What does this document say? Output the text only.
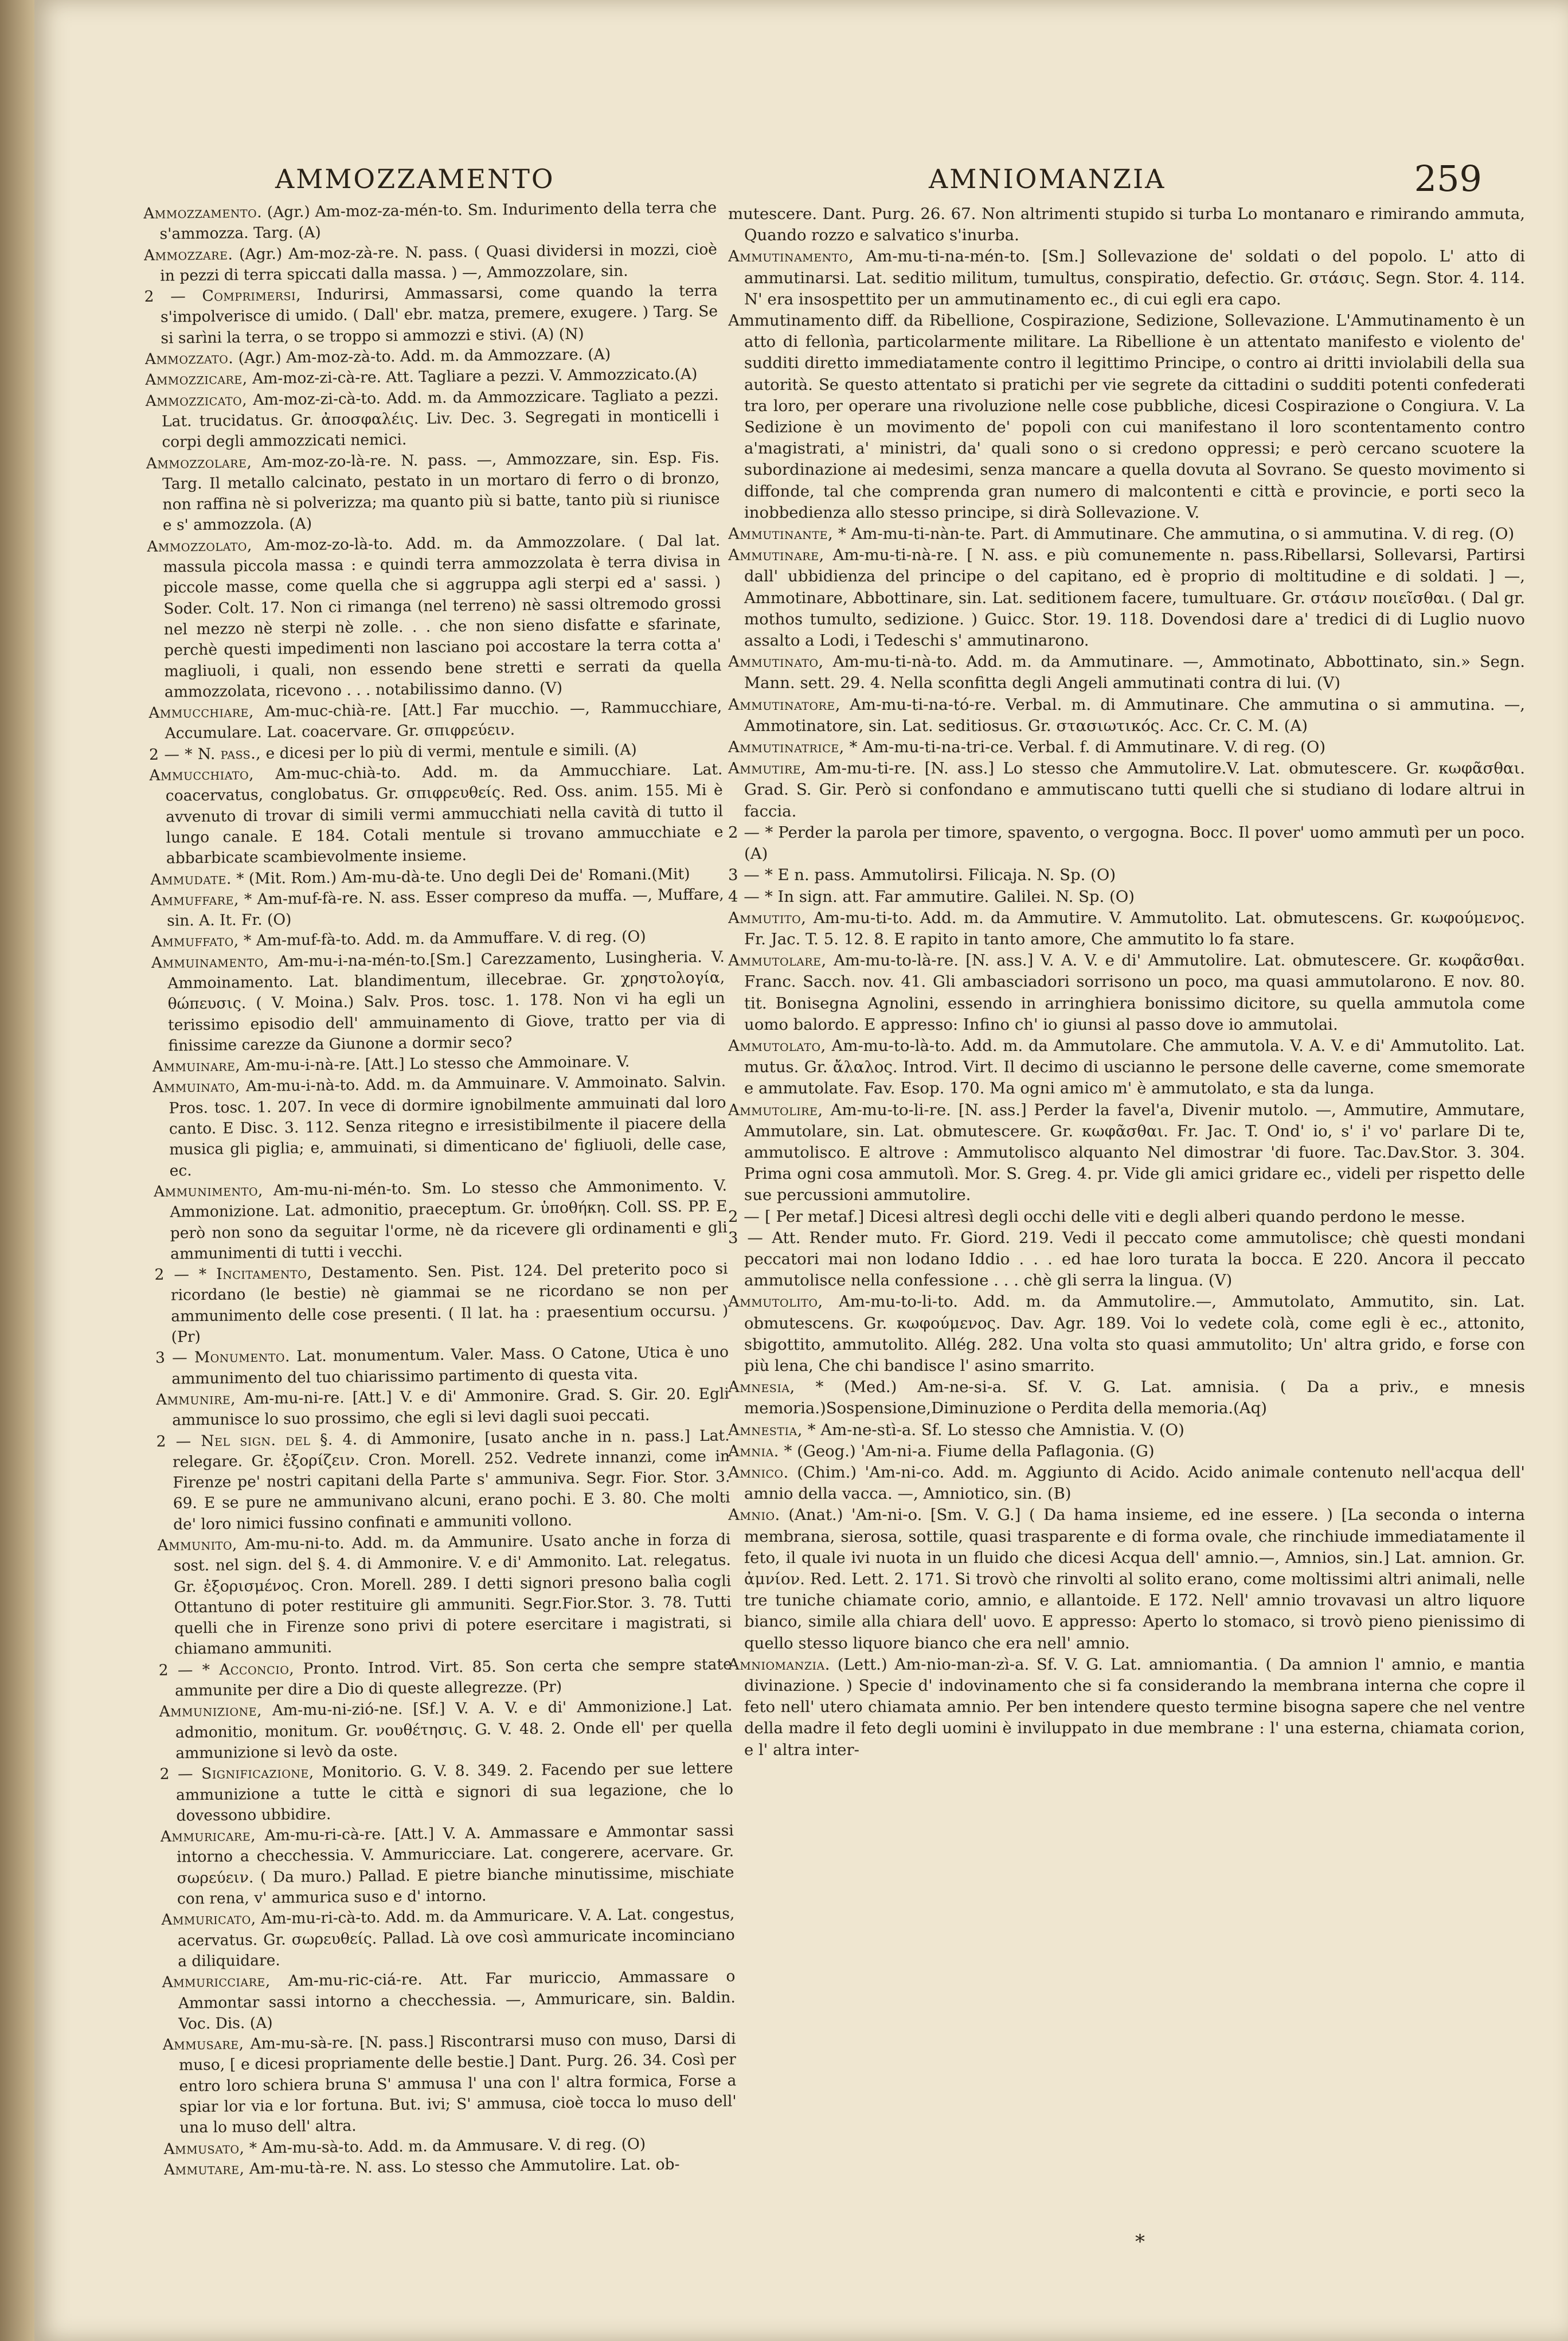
AMMOZZAMENTO	AMNIOMANZIA	259

Ammozzamento. (Agr.) Am-moz-za-mén-to. Sm. Indurimento della terra che s'ammozza. Targ. (A)

Ammozzare. (Agr.) Am-moz-zà-re. N. pass. ( Quasi dividersi in mozzi, cioè in pezzi di terra spiccati dalla massa. ) —, Ammozzolare, sin.

2 — Comprimersi, Indurirsi, Ammassarsi, come quando la terra s'impolverisce di umido. ( Dall' ebr. matza, premere, exugere. ) Targ. Se si sarìni la terra, o se troppo si ammozzi e stivi. (A) (N)

Ammozzato. (Agr.) Am-moz-zà-to. Add. m. da Ammozzare. (A)

Ammozzicare, Am-moz-zi-cà-re. Att. Tagliare a pezzi. V. Ammozzicato.(A)

Ammozzicato, Am-moz-zi-cà-to. Add. m. da Ammozzicare. Tagliato a pezzi. Lat. trucidatus. Gr. ἀποσφαλέις. Liv. Dec. 3. Segregati in monticelli i corpi degli ammozzicati nemici.

Ammozzolare, Am-moz-zo-là-re. N. pass. —, Ammozzare, sin. Esp. Fis. Targ. Il metallo calcinato, pestato in un mortaro di ferro o di bronzo, non raffina nè si polverizza; ma quanto più si batte, tanto più si riunisce e s' ammozzola. (A)

Ammozzolato, Am-moz-zo-là-to. Add. m. da Ammozzolare. ( Dal lat. massula piccola massa : e quindi terra ammozzolata è terra divisa in piccole masse, come quella che si aggruppa agli sterpi ed a' sassi. ) Soder. Colt. 17. Non ci rimanga (nel terreno) nè sassi oltremodo grossi nel mezzo nè sterpi nè zolle. . . che non sieno disfatte e sfarinate, perchè questi impedimenti non lasciano poi accostare la terra cotta a' magliuoli, i quali, non essendo bene stretti e serrati da quella ammozzolata, ricevono . . . notabilissimo danno. (V)

Ammucchiare, Am-muc-chià-re. [Att.] Far mucchio. —, Rammucchiare, Accumulare. Lat. coacervare. Gr. σπιφρεύειν.

2 — * N. pass., e dicesi per lo più di vermi, mentule e simili. (A)

Ammucchiato, Am-muc-chià-to. Add. m. da Ammucchiare. Lat. coacervatus, conglobatus. Gr. σπιφρευθείς. Red. Oss. anim. 155. Mi è avvenuto di trovar di simili vermi ammucchiati nella cavità di tutto il lungo canale. E 184. Cotali mentule si trovano ammucchiate e abbarbicate scambievolmente insieme.

Ammudate. * (Mit. Rom.) Am-mu-dà-te. Uno degli Dei de' Romani.(Mit)

Ammuffare, * Am-muf-fà-re. N. ass. Esser compreso da muffa. —, Muffare, sin. A. It. Fr. (O)

Ammuffato, * Am-muf-fà-to. Add. m. da Ammuffare. V. di reg. (O)

Ammuinamento, Am-mu-i-na-mén-to.[Sm.] Carezzamento, Lusingheria. V. Ammoinamento. Lat. blandimentum, illecebrae. Gr. χρηστολογία, θώπευσις. ( V. Moina.) Salv. Pros. tosc. 1. 178. Non vi ha egli un terissimo episodio dell' ammuinamento di Giove, tratto per via di finissime carezze da Giunone a dormir seco?

Ammuinare, Am-mu-i-nà-re. [Att.] Lo stesso che Ammoinare. V.

Ammuinato, Am-mu-i-nà-to. Add. m. da Ammuinare. V. Ammoinato. Salvin. Pros. tosc. 1. 207. In vece di dormire ignobilmente ammuinati dal loro canto. E Disc. 3. 112. Senza ritegno e irresistibilmente il piacere della musica gli piglia; e, ammuinati, si dimenticano de' figliuoli, delle case, ec.

Ammunimento, Am-mu-ni-mén-to. Sm. Lo stesso che Ammonimento. V. Ammonizione. Lat. admonitio, praeceptum. Gr. ὑποθήκη. Coll. SS. PP. E però non sono da seguitar l'orme, nè da ricevere gli ordinamenti e gli ammunimenti di tutti i vecchi.

2 — * Incitamento, Destamento. Sen. Pist. 124. Del preterito poco si ricordano (le bestie) nè giammai se ne ricordano se non per ammunimento delle cose presenti. ( Il lat. ha : praesentium occursu. ) (Pr)

3 — Monumento. Lat. monumentum. Valer. Mass. O Catone, Utica è uno ammunimento del tuo chiarissimo partimento di questa vita.

Ammunire, Am-mu-ni-re. [Att.] V. e di' Ammonire. Grad. S. Gir. 20. Egli ammunisce lo suo prossimo, che egli si levi dagli suoi peccati.

2 — Nel sign. del §. 4. di Ammonire, [usato anche in n. pass.] Lat. relegare. Gr. ἐξορίζειν. Cron. Morell. 252. Vedrete innanzi, come in Firenze pe' nostri capitani della Parte s' ammuniva. Segr. Fior. Stor. 3. 69. E se pure ne ammunivano alcuni, erano pochi. E 3. 80. Che molti de' loro nimici fussino confinati e ammuniti vollono.

Ammunito, Am-mu-ni-to. Add. m. da Ammunire. Usato anche in forza di sost. nel sign. del §. 4. di Ammonire. V. e di' Ammonito. Lat. relegatus. Gr. ἐξορισμένος. Cron. Morell. 289. I detti signori presono balìa cogli Ottantuno di poter restituire gli ammuniti. Segr.Fior.Stor. 3. 78. Tutti quelli che in Firenze sono privi di potere esercitare i magistrati, si chiamano ammuniti.

2 — * Acconcio, Pronto. Introd. Virt. 85. Son certa che sempre state ammunite per dire a Dio di queste allegrezze. (Pr)

Ammunizione, Am-mu-ni-zió-ne. [Sf.] V. A. V. e di' Ammonizione.] Lat. admonitio, monitum. Gr. νουθέτησις. G. V. 48. 2. Onde ell' per quella ammunizione si levò da oste.

2 — Significazione, Monitorio. G. V. 8. 349. 2. Facendo per sue lettere ammunizione a tutte le città e signori di sua legazione, che lo dovessono ubbidire.

Ammuricare, Am-mu-ri-cà-re. [Att.] V. A. Ammassare e Ammontar sassi intorno a checchessia. V. Ammuricciare. Lat. congerere, acervare. Gr. σωρεύειν. ( Da muro.) Pallad. E pietre bianche minutissime, mischiate con rena, v' ammurica suso e d' intorno.

Ammuricato, Am-mu-ri-cà-to. Add. m. da Ammuricare. V. A. Lat. congestus, acervatus. Gr. σωρευθείς. Pallad. Là ove così ammuricate incominciano a diliquidare.

Ammuricciare, Am-mu-ric-ciá-re. Att. Far muriccio, Ammassare o Ammontar sassi intorno a checchessia. —, Ammuricare, sin. Baldin. Voc. Dis. (A)

Ammusare, Am-mu-sà-re. [N. pass.] Riscontrarsi muso con muso, Darsi di muso, [ e dicesi propriamente delle bestie.] Dant. Purg. 26. 34. Così per entro loro schiera bruna S' ammusa l' una con l' altra formica, Forse a spiar lor via e lor fortuna. But. ivi; S' ammusa, cioè tocca lo muso dell' una lo muso dell' altra.

Ammusato, * Am-mu-sà-to. Add. m. da Ammusare. V. di reg. (O)

Ammutare, Am-mu-tà-re. N. ass. Lo stesso che Ammutolire. Lat. ob-

mutescere. Dant. Purg. 26. 67. Non altrimenti stupido si turba Lo montanaro e rimirando ammuta, Quando rozzo e salvatico s'inurba.

Ammutinamento, Am-mu-ti-na-mén-to. [Sm.] Sollevazione de' soldati o del popolo. L' atto di ammutinarsi. Lat. seditio militum, tumultus, conspiratio, defectio. Gr. στάσις. Segn. Stor. 4. 114. N' era insospettito per un ammutinamento ec., di cui egli era capo.

Ammutinamento diff. da Ribellione, Cospirazione, Sedizione, Sollevazione. L'Ammutinamento è un atto di fellonìa, particolarmente militare. La Ribellione è un attentato manifesto e violento de' sudditi diretto immediatamente contro il legittimo Principe, o contro ai dritti inviolabili della sua autorità. Se questo attentato si pratichi per vie segrete da cittadini o sudditi potenti confederati tra loro, per operare una rivoluzione nelle cose pubbliche, dicesi Cospirazione o Congiura. V. La Sedizione è un movimento de' popoli con cui manifestano il loro scontentamento contro a'magistrati, a' ministri, da' quali sono o si credono oppressi; e però cercano scuotere la subordinazione ai medesimi, senza mancare a quella dovuta al Sovrano. Se questo movimento si diffonde, tal che comprenda gran numero di malcontenti e città e provincie, e porti seco la inobbedienza allo stesso principe, si dirà Sollevazione. V.

Ammutinante, * Am-mu-ti-nàn-te. Part. di Ammutinare. Che ammutina, o si ammutina. V. di reg. (O)

Ammutinare, Am-mu-ti-nà-re. [ N. ass. e più comunemente n. pass.Ribellarsi, Sollevarsi, Partirsi dall' ubbidienza del principe o del capitano, ed è proprio di moltitudine e di soldati. ] —, Ammotinare, Abbottinare, sin. Lat. seditionem facere, tumultuare. Gr. στάσιν ποιεῖσθαι. ( Dal gr. mothos tumulto, sedizione. ) Guicc. Stor. 19. 118. Dovendosi dare a' tredici di di Luglio nuovo assalto a Lodi, i Tedeschi s' ammutinarono.

Ammutinato, Am-mu-ti-nà-to. Add. m. da Ammutinare. —, Ammotinato, Abbottinato, sin.» Segn. Mann. sett. 29. 4. Nella sconfitta degli Angeli ammutinati contra di lui. (V)

Ammutinatore, Am-mu-ti-na-tó-re. Verbal. m. di Ammutinare. Che ammutina o si ammutina. —, Ammotinatore, sin. Lat. seditiosus. Gr. στασιωτικός. Acc. Cr. C. M. (A)

Ammutinatrice, * Am-mu-ti-na-tri-ce. Verbal. f. di Ammutinare. V. di reg. (O)

Ammutire, Am-mu-ti-re. [N. ass.] Lo stesso che Ammutolire.V. Lat. obmutescere. Gr. κωφᾶσθαι. Grad. S. Gir. Però si confondano e ammutiscano tutti quelli che si studiano di lodare altrui in faccia.

2 — * Perder la parola per timore, spavento, o vergogna. Bocc. Il pover' uomo ammutì per un poco. (A)

3 — * E n. pass. Ammutolirsi. Filicaja. N. Sp. (O)

4 — * In sign. att. Far ammutire. Galilei. N. Sp. (O)

Ammutito, Am-mu-ti-to. Add. m. da Ammutire. V. Ammutolito. Lat. obmutescens. Gr. κωφούμενος. Fr. Jac. T. 5. 12. 8. E rapito in tanto amore, Che ammutito lo fa stare.

Ammutolare, Am-mu-to-là-re. [N. ass.] V. A. V. e di' Ammutolire. Lat. obmutescere. Gr. κωφᾶσθαι. Franc. Sacch. nov. 41. Gli ambasciadori sorrisono un poco, ma quasi ammutolarono. E nov. 80. tit. Bonisegna Agnolini, essendo in arringhiera bonissimo dicitore, su quella ammutola come uomo balordo. E appresso: Infino ch' io giunsi al passo dove io ammutolai.

Ammutolato, Am-mu-to-là-to. Add. m. da Ammutolare. Che ammutola. V. A. V. e di' Ammutolito. Lat. mutus. Gr. ἄλαλος. Introd. Virt. Il decimo di uscianno le persone delle caverne, come smemorate e ammutolate. Fav. Esop. 170. Ma ogni amico m' è ammutolato, e sta da lunga.

Ammutolire, Am-mu-to-li-re. [N. ass.] Perder la favel'a, Divenir mutolo. —, Ammutire, Ammutare, Ammutolare, sin. Lat. obmutescere. Gr. κωφᾶσθαι. Fr. Jac. T. Ond' io, s' i' vo' parlare Di te, ammutolisco. E altrove : Ammutolisco alquanto Nel dimostrar 'di fuore. Tac.Dav.Stor. 3. 304. Prima ogni cosa ammutolì. Mor. S. Greg. 4. pr. Vide gli amici gridare ec., videli per rispetto delle sue percussioni ammutolire.

2 — [ Per metaf.] Dicesi altresì degli occhi delle viti e degli alberi quando perdono le messe.

3 — Att. Render muto. Fr. Giord. 219. Vedi il peccato come ammutolisce; chè questi mondani peccatori mai non lodano Iddio . . . ed hae loro turata la bocca. E 220. Ancora il peccato ammutolisce nella confessione . . . chè gli serra la lingua. (V)

Ammutolito, Am-mu-to-li-to. Add. m. da Ammutolire.—, Ammutolato, Ammutito, sin. Lat. obmutescens. Gr. κωφούμενος. Dav. Agr. 189. Voi lo vedete colà, come egli è ec., attonito, sbigottito, ammutolito. Allég. 282. Una volta sto quasi ammutolito; Un' altra grido, e forse con più lena, Che chi bandisce l' asino smarrito.

Amnesia, * (Med.) Am-ne-si-a. Sf. V. G. Lat. amnisia. ( Da a priv., e mnesis memoria.)Sospensione,Diminuzione o Perdita della memoria.(Aq)

Amnestia, * Am-ne-stì-a. Sf. Lo stesso che Amnistia. V. (O)

Amnia. * (Geog.) 'Am-ni-a. Fiume della Paflagonia. (G)

Amnico. (Chim.) 'Am-ni-co. Add. m. Aggiunto di Acido. Acido animale contenuto nell'acqua dell' amnio della vacca. —, Amniotico, sin. (B)

Amnio. (Anat.) 'Am-ni-o. [Sm. V. G.] ( Da hama insieme, ed ine essere. ) [La seconda o interna membrana, sierosa, sottile, quasi trasparente e di forma ovale, che rinchiude immediatamente il feto, il quale ivi nuota in un fluido che dicesi Acqua dell' amnio.—, Amnios, sin.] Lat. amnion. Gr. ἀμνίον. Red. Lett. 2. 171. Si trovò che rinvolti al solito erano, come moltissimi altri animali, nelle tre tuniche chiamate corio, amnio, e allantoide. E 172. Nell' amnio trovavasi un altro liquore bianco, simile alla chiara dell' uovo. E appresso: Aperto lo stomaco, si trovò pieno pienissimo di quello stesso liquore bianco che era nell' amnio.

Amniomanzia. (Lett.) Am-nio-man-zì-a. Sf. V. G. Lat. amniomantia. ( Da amnion l' amnio, e mantia divinazione. ) Specie d' indovinamento che si fa considerando la membrana interna che copre il feto nell' utero chiamata amnio. Per ben intendere questo termine bisogna sapere che nel ventre della madre il feto degli uomini è inviluppato in due membrane : l' una esterna, chiamata corion, e l' altra inter-

*
